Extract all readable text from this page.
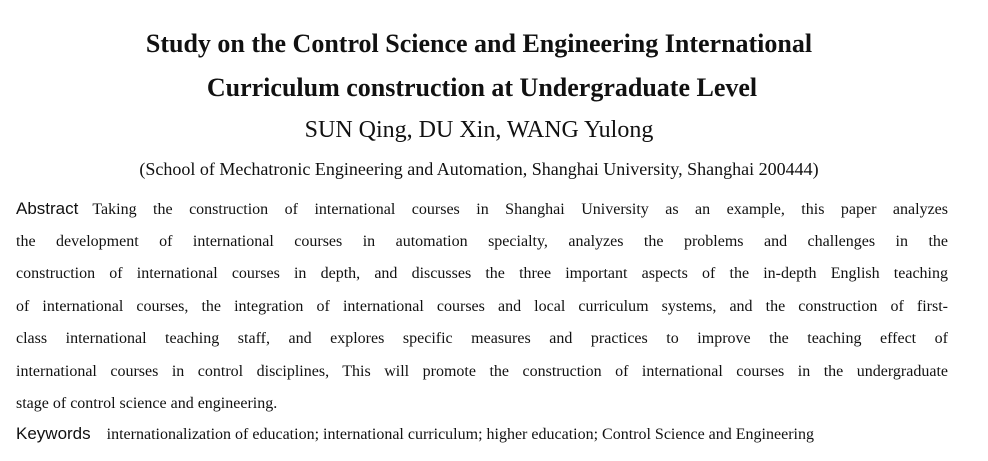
Study on the Control Science and Engineering International
Curriculum construction at Undergraduate Level
SUN Qing, DU Xin, WANG Yulong
(School of Mechatronic Engineering and Automation, Shanghai University, Shanghai 200444)
Abstract Taking the construction of international courses in Shanghai University as an example, this paper analyzes
the development of international courses in automation specialty, analyzes the problems and challenges in the
construction of international courses in depth, and discusses the three important aspects of the in-depth English teaching
of international courses, the integration of international courses and local curriculum systems, and the construction of first-
class international teaching staff, and explores specific measures and practices to improve the teaching effect of
international courses in control disciplines, This will promote the construction of international courses in the undergraduate
stage of control science and engineering.
Keywords internationalization of education; international curriculum; higher education; Control Science and Engineering
